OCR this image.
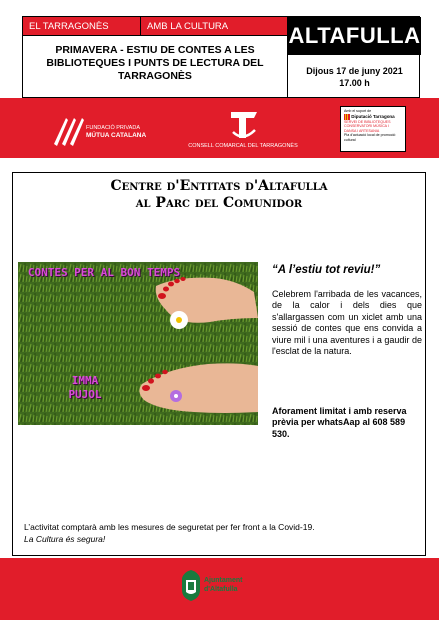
EL TARRAGONÈS	AMB LA CULTURA
PRIMAVERA - ESTIU DE CONTES A LES BIBLIOTEQUES I PUNTS DE LECTURA DEL TARRAGONÈS
ALTAFULLA
Dijous 17 de juny 2021
17.00 h
FUNDACIÓ PRIVADA
MÚTUA CATALANA
CONSELL COMARCAL DEL TARRAGONÈS
Amb el suport de
Diputació Tarragona
SERVEI DE BIBLIOTEQUES CONSERVATORI MÚSICA I DANSA I ARTESANIA
Pla d'actuació local de promoció cultural
Centre d'Entitats d'Altafulla
al Parc del Comunidor
CONTES PER AL BON TEMPS
IMMA PUJOL
“A l’estiu tot reviu!”
Celebrem l'arribada de les vacances, de la calor i dels dies que s'allargassen com un xiclet amb una sessió de contes que ens convida a viure mil i una aventures i a gaudir de l'esclat de la natura.
Aforament limitat i amb reserva prèvia per whatsAap al 608 589 530.
L’activitat comptarà amb les mesures de seguretat per fer front a la Covid-19.
La Cultura és segura!
Ajuntament
d'Altafulla
